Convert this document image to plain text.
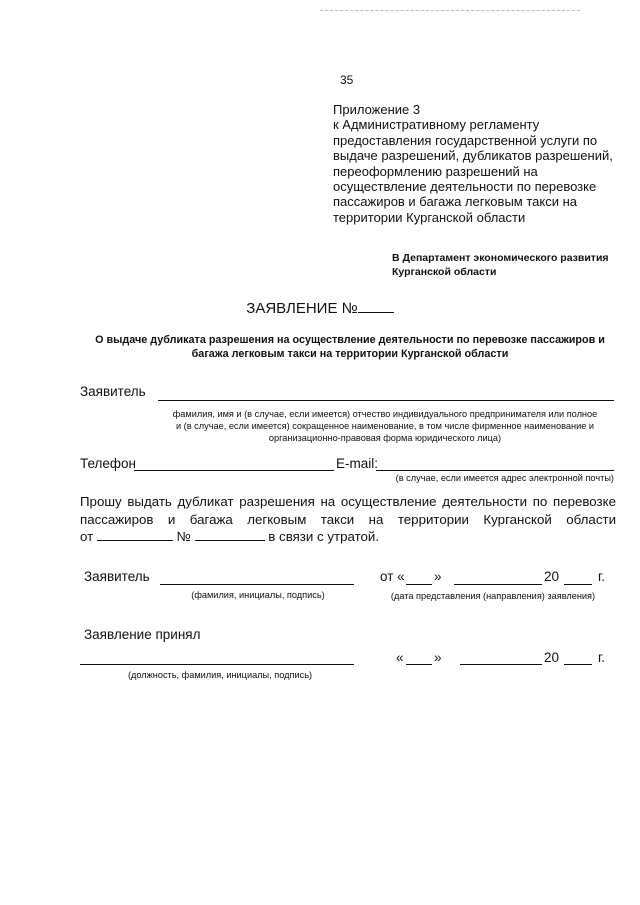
35
Приложение 3
к Административному регламенту
предоставления государственной услуги по
выдаче разрешений, дубликатов разрешений,
переоформлению разрешений на
осуществление деятельности по перевозке
пассажиров и багажа легковым такси на
территории Курганской области
В Департамент экономического развития
Курганской области
ЗАЯВЛЕНИЕ №
О выдаче дубликата разрешения на осуществление деятельности по перевозке пассажиров и
багажа легковым такси на территории Курганской области
Заявитель
фамилия, имя и (в случае, если имеется) отчество индивидуального предпринимателя или полное
и (в случае, если имеется) сокращенное наименование, в том числе фирменное наименование и
организационно-правовая форма юридического лица)
Телефон	E-mail:
(в случае, если имеется адрес электронной почты)
Прошу выдать дубликат разрешения на осуществление деятельности по перевозке
пассажиров и багажа легковым такси на территории Курганской области
от	№	в связи с утратой.
Заявитель	от « »	20	г.
(фамилия, инициалы, подпись)	(дата представления (направления) заявления)
Заявление принял
« »	20	г.
(должность, фамилия, инициалы, подпись)
